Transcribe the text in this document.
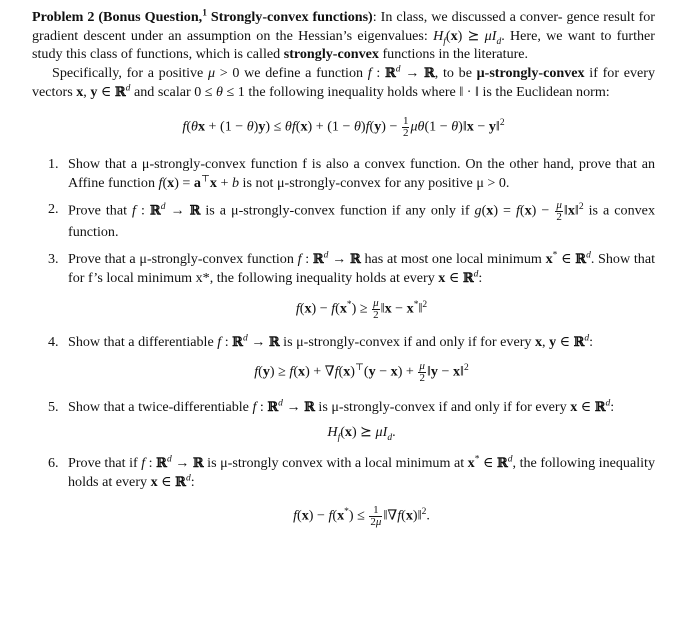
Problem 2 (Bonus Question,$^1$ Strongly-convex functions): In class, we discussed a conver- gence result for gradient descent under an assumption on the Hessian’s eigenvalues: $H_f(x)$ ⪰ $\mu I_d$. Here, we want to further study this class of functions, which is called strongly-convex functions in the literature.

Specifically, for a positive μ > 0 we define a function f : ℝ$^d$ → ℝ, to be μ-strongly-convex if for every vectors x, y ∈ ℝ$^d$ and scalar 0 ≤ θ ≤ 1 the following inequality holds where ‖ · ‖ is the Euclidean norm:

$f(\theta x + (1 - \theta)y) \le \theta f(x) + (1 - \theta)f(y) - \frac{1}{2} \mu\theta(1$ − θ)‖x − y‖$^2$

1. Show that a μ-strongly-convex function f is also a convex function. On the other hand, prove that an Affine function f(x) = a⊤x + b is not μ-strongly-convex for any positive μ > 0.
2. Prove that f : ℝ$^d$ → ℝ is a μ-strongly-convex function if any only if $g(x) = f(x) - \frac{\mu}{2}$ ‖x‖$^2$ is a convex function.
3. Prove that a μ-strongly-convex function f : ℝ$^d$ → ℝ has at most one local minimum x* ∈ ℝ$^d$. Show that for f’s local minimum x*, the following inequality holds at every x ∈ ℝ$^d$:

$f(x) - f(x^*) \ge \frac{\mu}{2}$ ‖x − x*‖$^2$

4. Show that a differentiable f : ℝ$^d$ → ℝ is μ-strongly-convex if and only if for every x, y ∈ ℝ$^d$:

$f(y) \ge f(x) + \nabla f(x)^⊤(y - x) + \frac{\mu}{2}$ ‖y − x‖$^2$

5. Show that a twice-differentiable f : ℝ$^d$ → ℝ is μ-strongly-convex if and only if for every x ∈ ℝ$^d$:

$H_f(x)$ ⪰ $\mu I_d$.

6. Prove that if f : ℝ$^d$ → ℝ is μ-strongly convex with a local minimum at x* ∈ ℝ$^d$, the following inequality holds at every x ∈ ℝ$^d$:

$f(x) - f(x^*) \le \frac{1}{2\mu}$ ‖∇f(x)‖$^2$.
